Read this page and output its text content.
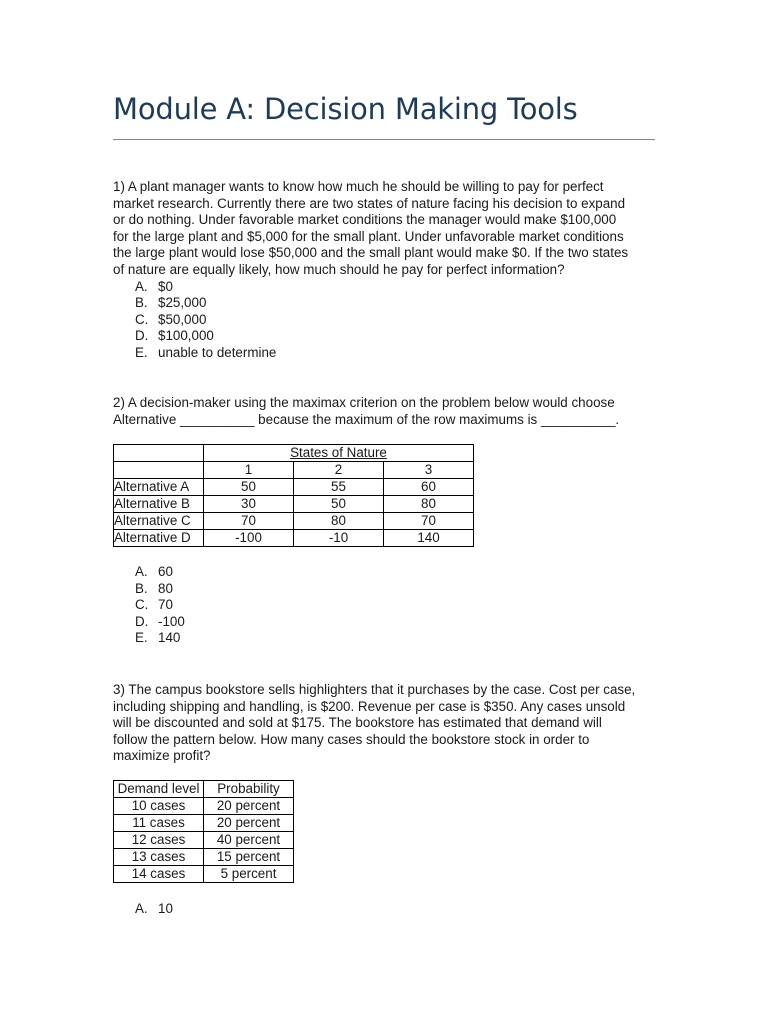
Module A: Decision Making Tools

1) A plant manager wants to know how much he should be willing to pay for perfect
market research. Currently there are two states of nature facing his decision to expand
or do nothing. Under favorable market conditions the manager would make $100,000
for the large plant and $5,000 for the small plant. Under unfavorable market conditions
the large plant would lose $50,000 and the small plant would make $0. If the two states
of nature are equally likely, how much should he pay for perfect information?

A. $0
B. $25,000
C. $50,000
D. $100,000
E. unable to determine

2) A decision-maker using the maximax criterion on the problem below would choose
Alternative __________ because the maximum of the row maximums is __________.

	States of Nature		
	1	2	3
Alternative A	50	55	60
Alternative B	30	50	80
Alternative C	70	80	70
Alternative D	-100	-10	140
A. 60
B. 80
C. 70
D. -100
E. 140

3) The campus bookstore sells highlighters that it purchases by the case. Cost per case,
including shipping and handling, is $200. Revenue per case is $350. Any cases unsold
will be discounted and sold at $175. The bookstore has estimated that demand will
follow the pattern below. How many cases should the bookstore stock in order to
maximize profit?

Demand level	Probability
10 cases	20 percent
11 cases	20 percent
12 cases	40 percent
13 cases	15 percent
14 cases	5 percent
A. 10
